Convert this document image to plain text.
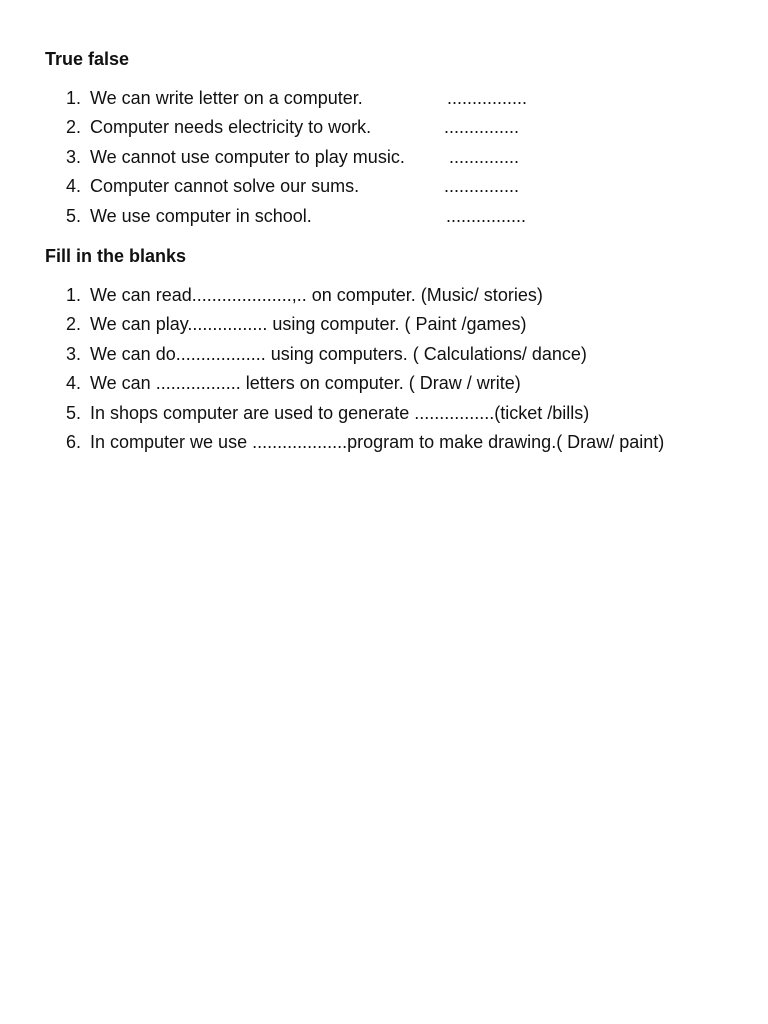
True false
1. We can write letter on a computer.	................
2. Computer needs electricity to work.	...............
3. We cannot use computer to play music. ..............
4. Computer cannot solve our sums.	...............
5. We use computer in school.	................
Fill in the blanks
1. We can read....................,.. on computer. (Music/ stories)
2. We can play................ using computer. ( Paint /games)
3. We can do.................. using computers. ( Calculations/ dance)
4. We can ................. letters on computer. ( Draw / write)
5. In shops computer are used to generate ................(ticket /bills)
6. In computer we use ...................program to make drawing.( Draw/ paint)
